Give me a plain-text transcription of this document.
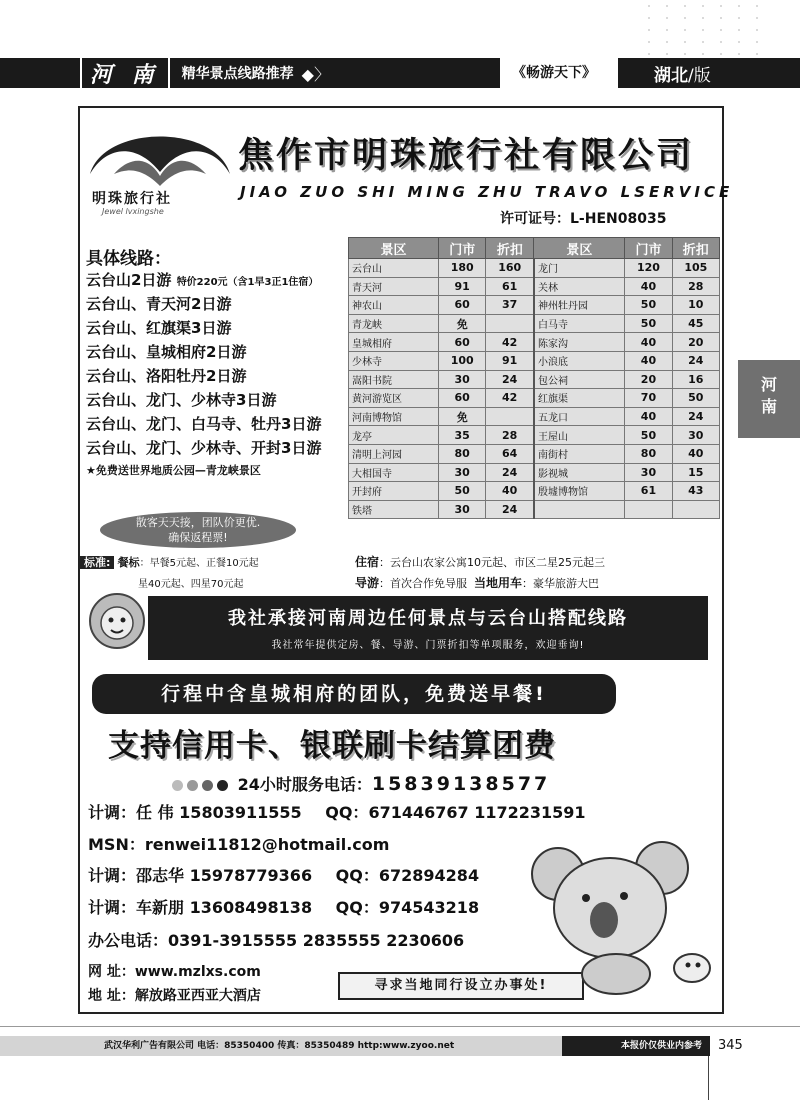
河 南	精华景点线路推荐 ◆〉	《畅游天下》	湖北/版
河
南
明珠旅行社
Jewel lvxingshe
焦作市明珠旅行社有限公司
JIAO ZUO SHI MING ZHU TRAVO LSERVICE
许可证号：L-HEN08035
具体线路：
云台山2日游 特价220元（含1早3正1住宿）
云台山、青天河2日游
云台山、红旗渠3日游
云台山、皇城相府2日游
云台山、洛阳牡丹2日游
云台山、龙门、少林寺3日游
云台山、龙门、白马寺、牡丹3日游
云台山、龙门、少林寺、开封3日游
★免费送世界地质公园—青龙峡景区
散客天天接，团队价更优.
确保返程票!
景区	门市	折扣	景区	门市	折扣
云台山	180	160	龙门	120	105
青天河	91	61	关林	40	28
神农山	60	37	神州牡丹园	50	10
青龙峡	免		白马寺	50	45
皇城相府	60	42	陈家沟	40	20
少林寺	100	91	小浪底	40	24
嵩阳书院	30	24	包公祠	20	16
黄河游览区	60	42	红旗渠	70	50
河南博物馆	免		五龙口	40	24
龙亭	35	28	王屋山	50	30
清明上河园	80	64	南街村	80	40
大相国寺	30	24	影视城	30	15
开封府	50	40	殷墟博物馆	61	43
铁塔	30	24			
标准: 餐标：早餐5元起、正餐10元起
星40元起、四星70元起
住宿：云台山农家公寓10元起、市区二星25元起三
导游：首次合作免导服 当地用车：豪华旅游大巴
我社承接河南周边任何景点与云台山搭配线路
我社常年提供定房、餐、导游、门票折扣等单项服务，欢迎垂询!
行程中含皇城相府的团队，免费送早餐!
支持信用卡、银联刷卡结算团费
24小时服务电话：15839138577
计调：任 伟 15803911555 QQ：671446767 1172231591
MSN：renwei11812@hotmail.com
计调：邵志华 15978779366 QQ：672894284
计调：车新朋 13608498138 QQ：974543218
办公电话：0391-3915555 2835555 2230606
网 址：www.mzlxs.com
地 址：解放路亚西亚大酒店
寻求当地同行设立办事处!
武汉华利广告有限公司 电话：85350400 传真：85350489 http:www.zyoo.net	本报价仅供业内参考	345
